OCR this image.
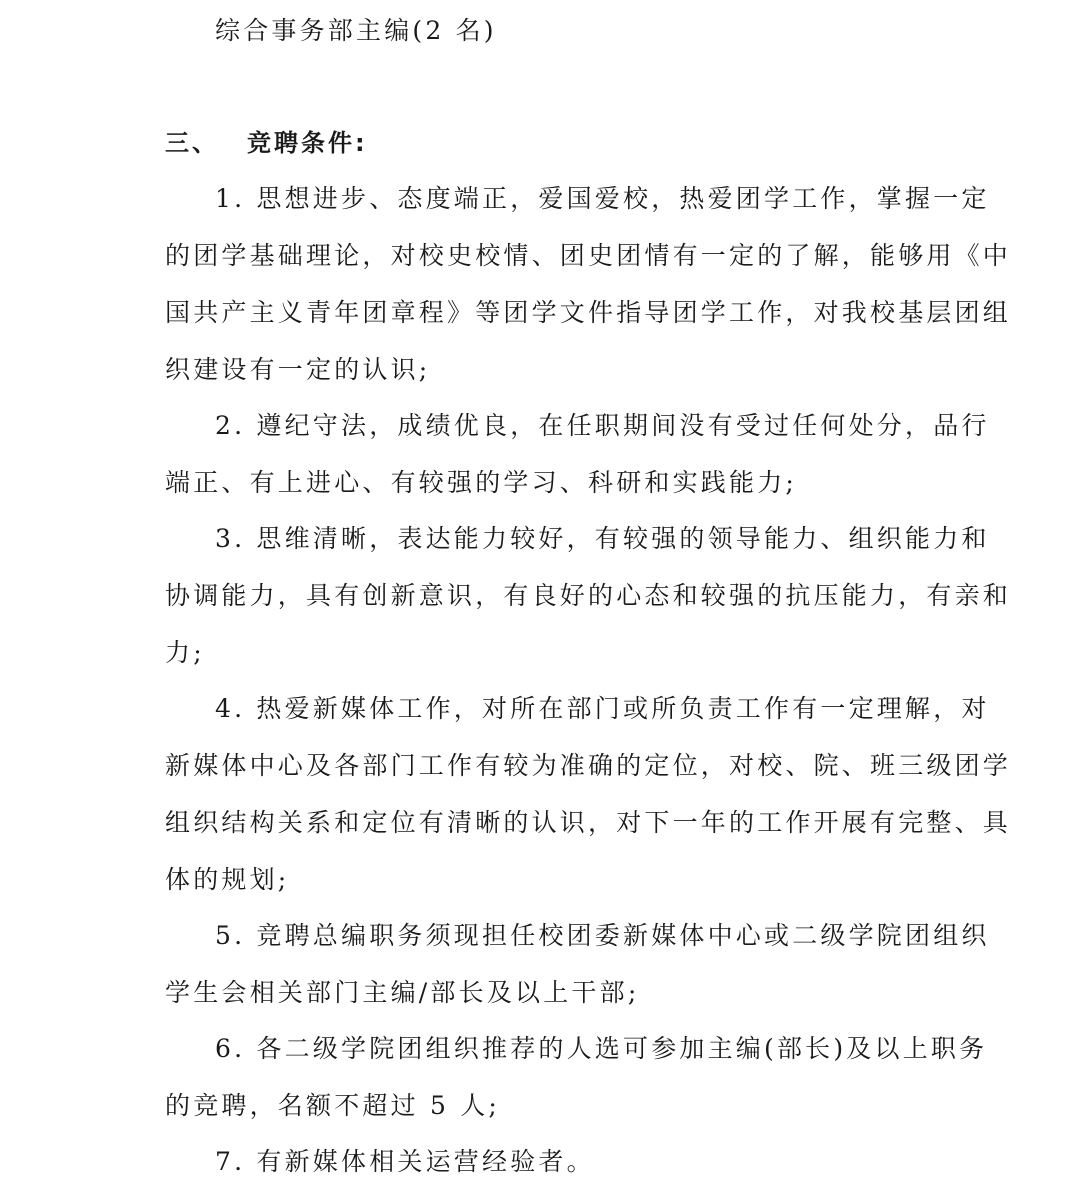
综合事务部主编(2 名)
三、 竞聘条件:
1. 思想进步、态度端正，爱国爱校，热爱团学工作，掌握一定
的团学基础理论，对校史校情、团史团情有一定的了解，能够用《中
国共产主义青年团章程》等团学文件指导团学工作，对我校基层团组
织建设有一定的认识;
2. 遵纪守法，成绩优良，在任职期间没有受过任何处分，品行
端正、有上进心、有较强的学习、科研和实践能力;
3. 思维清晰，表达能力较好，有较强的领导能力、组织能力和
协调能力，具有创新意识，有良好的心态和较强的抗压能力，有亲和
力;
4. 热爱新媒体工作，对所在部门或所负责工作有一定理解，对
新媒体中心及各部门工作有较为准确的定位，对校、院、班三级团学
组织结构关系和定位有清晰的认识，对下一年的工作开展有完整、具
体的规划;
5. 竞聘总编职务须现担任校团委新媒体中心或二级学院团组织
学生会相关部门主编/部长及以上干部;
6. 各二级学院团组织推荐的人选可参加主编(部长)及以上职务
的竞聘，名额不超过 5 人;
7. 有新媒体相关运营经验者。
